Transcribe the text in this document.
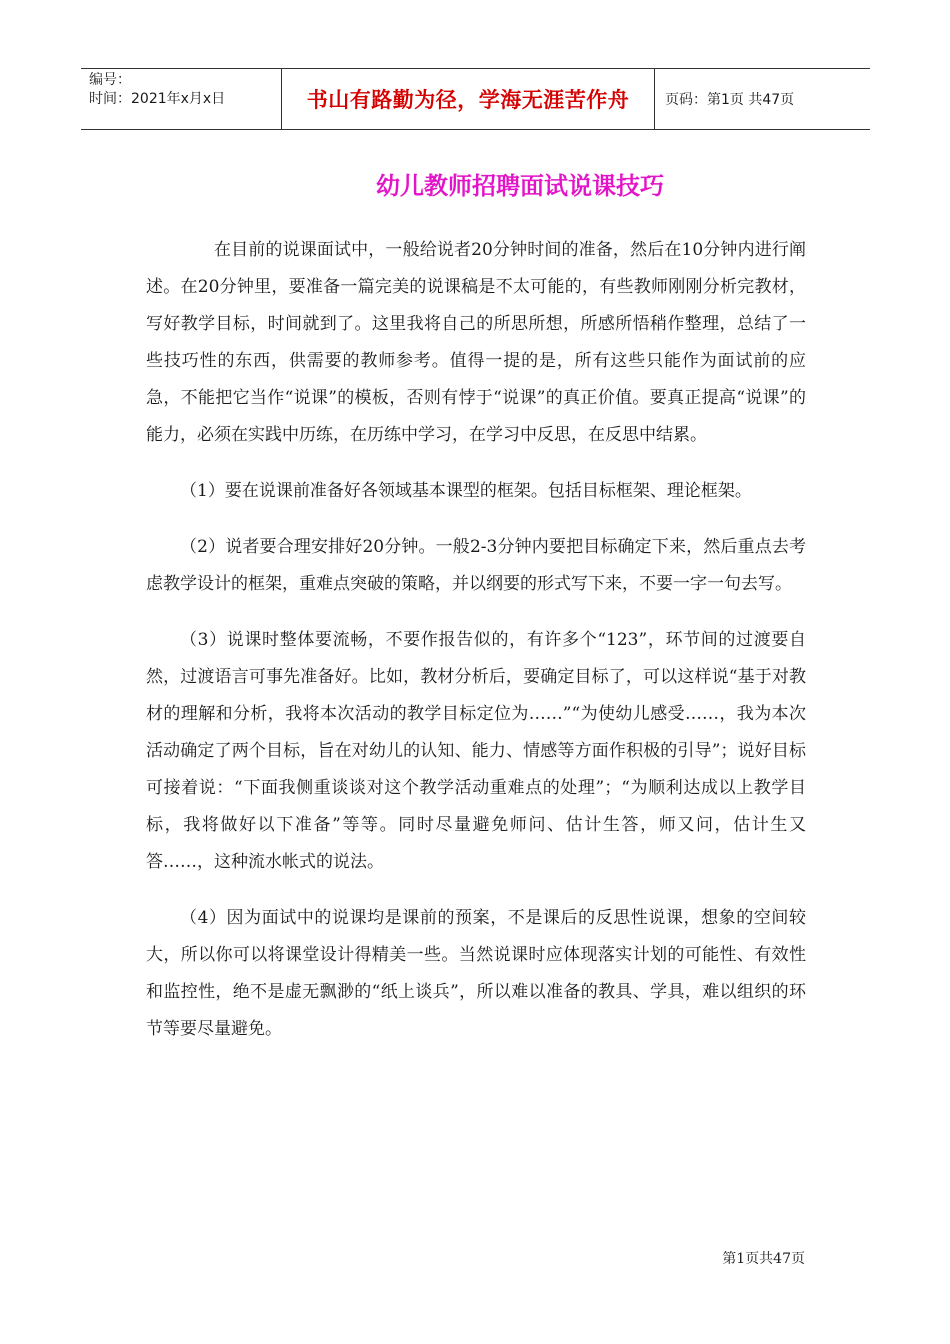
编号：
时间：2021年x月x日	书山有路勤为径，学海无涯苦作舟	页码：第1页 共47页
幼儿教师招聘面试说课技巧

在目前的说课面试中，一般给说者20分钟时间的准备，然后在10分钟内进行阐述。在20分钟里，要准备一篇完美的说课稿是不太可能的，有些教师刚刚分析完教材，写好教学目标，时间就到了。这里我将自己的所思所想，所感所悟稍作整理，总结了一些技巧性的东西，供需要的教师参考。值得一提的是，所有这些只能作为面试前的应急，不能把它当作“说课”的模板，否则有悖于“说课”的真正价值。要真正提高“说课”的能力，必须在实践中历练，在历练中学习，在学习中反思，在反思中结累。

（1）要在说课前准备好各领域基本课型的框架。包括目标框架、理论框架。

（2）说者要合理安排好20分钟。一般2-3分钟内要把目标确定下来，然后重点去考虑教学设计的框架，重难点突破的策略，并以纲要的形式写下来，不要一字一句去写。

（3）说课时整体要流畅，不要作报告似的，有许多个“123”，环节间的过渡要自然，过渡语言可事先准备好。比如，教材分析后，要确定目标了，可以这样说“基于对教材的理解和分析，我将本次活动的教学目标定位为……”“为使幼儿感受……，我为本次活动确定了两个目标，旨在对幼儿的认知、能力、情感等方面作积极的引导”；说好目标可接着说：“下面我侧重谈谈对这个教学活动重难点的处理”；“为顺利达成以上教学目标，我将做好以下准备”等等。同时尽量避免师问、估计生答，师又问，估计生又答……，这种流水帐式的说法。

（4）因为面试中的说课均是课前的预案，不是课后的反思性说课，想象的空间较大，所以你可以将课堂设计得精美一些。当然说课时应体现落实计划的可能性、有效性和监控性，绝不是虚无飘渺的“纸上谈兵”，所以难以准备的教具、学具，难以组织的环节等要尽量避免。

第1页共47页
